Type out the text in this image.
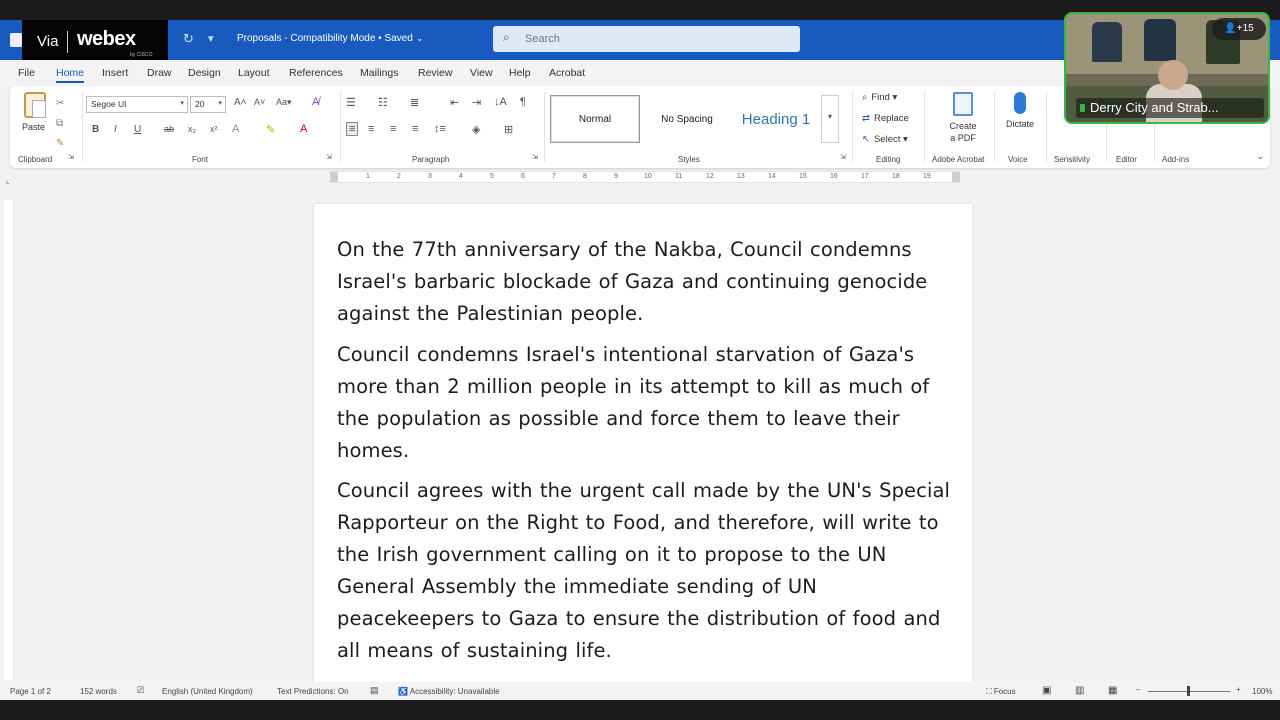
↻ ▾ Proposals - Compatibility Mode • Saved ⌄	⌕
Search
Via webex
by CISCO
File Home Insert Draw Design Layout References Mailings Review View Help Acrobat
Paste
✂
⧉
✎
Clipboard ⇲
Segoe UI	▾	20 ▾ A˄ A˅ Aa▾ A̸
B I U	ab x₂ x² A ✎ A
Font	⇲
☰ ☷ ≣	⇤ ⇥ ↓A ¶
≡ ≡ ≡ ≡ ↕≡ ◈ ⊞
Paragraph	⇲
Normal	No Spacing	Heading 1	▾
Styles	⇲
⌕ Find ▾
⇄ Replace
↖ Select ▾
Editing
Create
a PDF
Adobe Acrobat
Dictate
Voice	Sensitivity	Editor	Add-ins	⌄
⌞	1	2	3	4	5	6	7	8	9	10	11	12	13	14	15	16	17	18	19

On the 77th anniversary of the Nakba, Council condemns Israel's barbaric blockade of Gaza and continuing genocide against the Palestinian people.

Council condemns Israel's intentional starvation of Gaza's more than 2 million people in its attempt to kill as much of the population as possible and force them to leave their homes.

Council agrees with the urgent call made by the UN's Special Rapporteur on the Right to Food, and therefore, will write to the Irish government calling on it to propose to the UN General Assembly the immediate sending of UN peacekeepers to Gaza to ensure the distribution of food and all means of sustaining life.

Page 1 of 2	152 words ⎚ English (United Kingdom)	Text Predictions: On ▤ ♿ Accessibility: Unavailable	⛶ Focus	▣ ▥ ▦ –	+ 100%
👤+15
Derry City and Strab...
